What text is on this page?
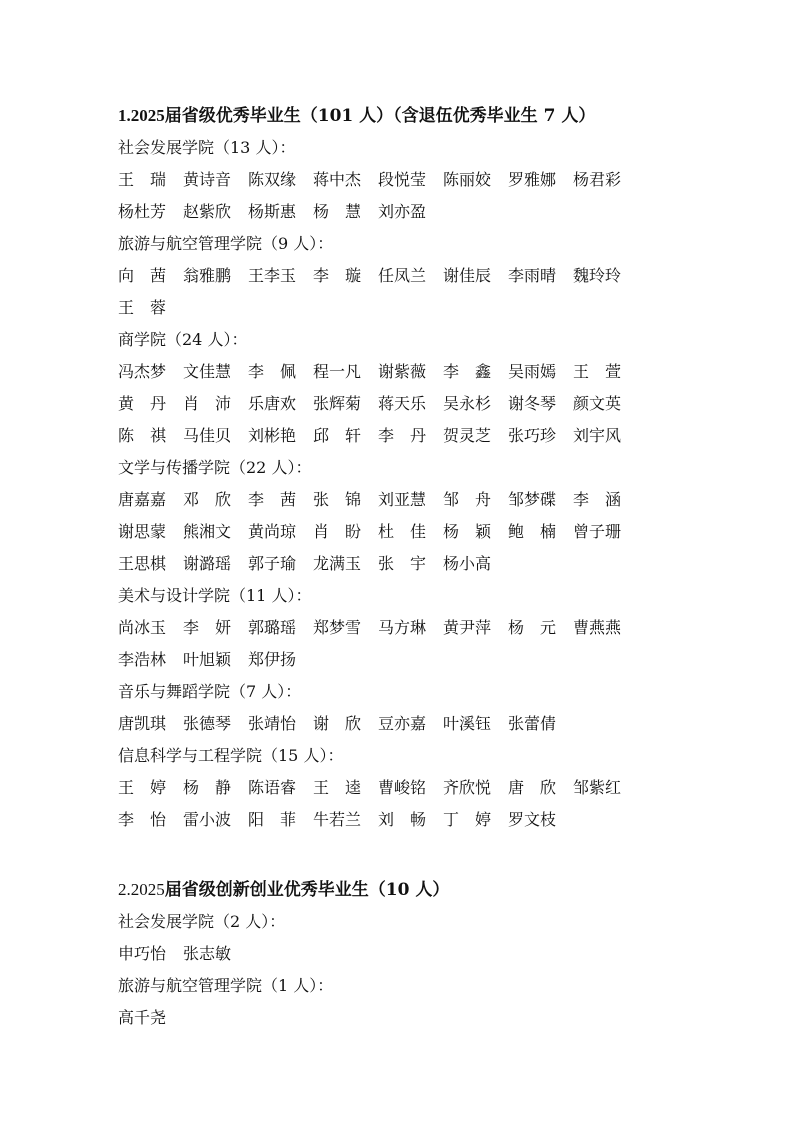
1.2025届省级优秀毕业生（101 人）（含退伍优秀毕业生 7 人）
社会发展学院（13 人）：
王　瑞	黄诗音	陈双缘	蒋中杰	段悦莹	陈丽姣	罗雅娜	杨君彩
杨杜芳	赵紫欣	杨斯惠	杨　慧	刘亦盈
旅游与航空管理学院（9 人）：
向　茜	翁雅鹏	王李玉	李　璇	任凤兰	谢佳辰	李雨晴	魏玲玲
王　蓉
商学院（24 人）：
冯杰梦	文佳慧	李　佩	程一凡	谢紫薇	李　鑫	吴雨嫣	王　萱
黄　丹	肖　沛	乐唐欢	张辉菊	蒋天乐	吴永杉	谢冬琴	颜文英
陈　祺	马佳贝	刘彬艳	邱　轩	李　丹	贺灵芝	张巧珍	刘宇风
文学与传播学院（22 人）：
唐嘉嘉	邓　欣	李　茜	张　锦	刘亚慧	邹　舟	邹梦碟	李　涵
谢思蒙	熊湘文	黄尚琼	肖　盼	杜　佳	杨　颖	鲍　楠	曾子珊
王思棋	谢潞瑶	郭子瑜	龙满玉	张　宇	杨小高
美术与设计学院（11 人）：
尚冰玉	李　妍	郭璐瑶	郑梦雪	马方琳	黄尹萍	杨　元	曹燕燕
李浩林	叶旭颖	郑伊扬
音乐与舞蹈学院（7 人）：
唐凯琪	张德琴	张靖怡	谢　欣	豆亦嘉	叶溪钰	张蕾倩
信息科学与工程学院（15 人）：
王　婷	杨　静	陈语睿	王　逵	曹峻铭	齐欣悦	唐　欣	邹紫红
李　怡	雷小波	阳　菲	牛若兰	刘　畅	丁　婷	罗文枝
2.2025届省级创新创业优秀毕业生（10 人）
社会发展学院（2 人）：
申巧怡	张志敏
旅游与航空管理学院（1 人）：
高千尧
